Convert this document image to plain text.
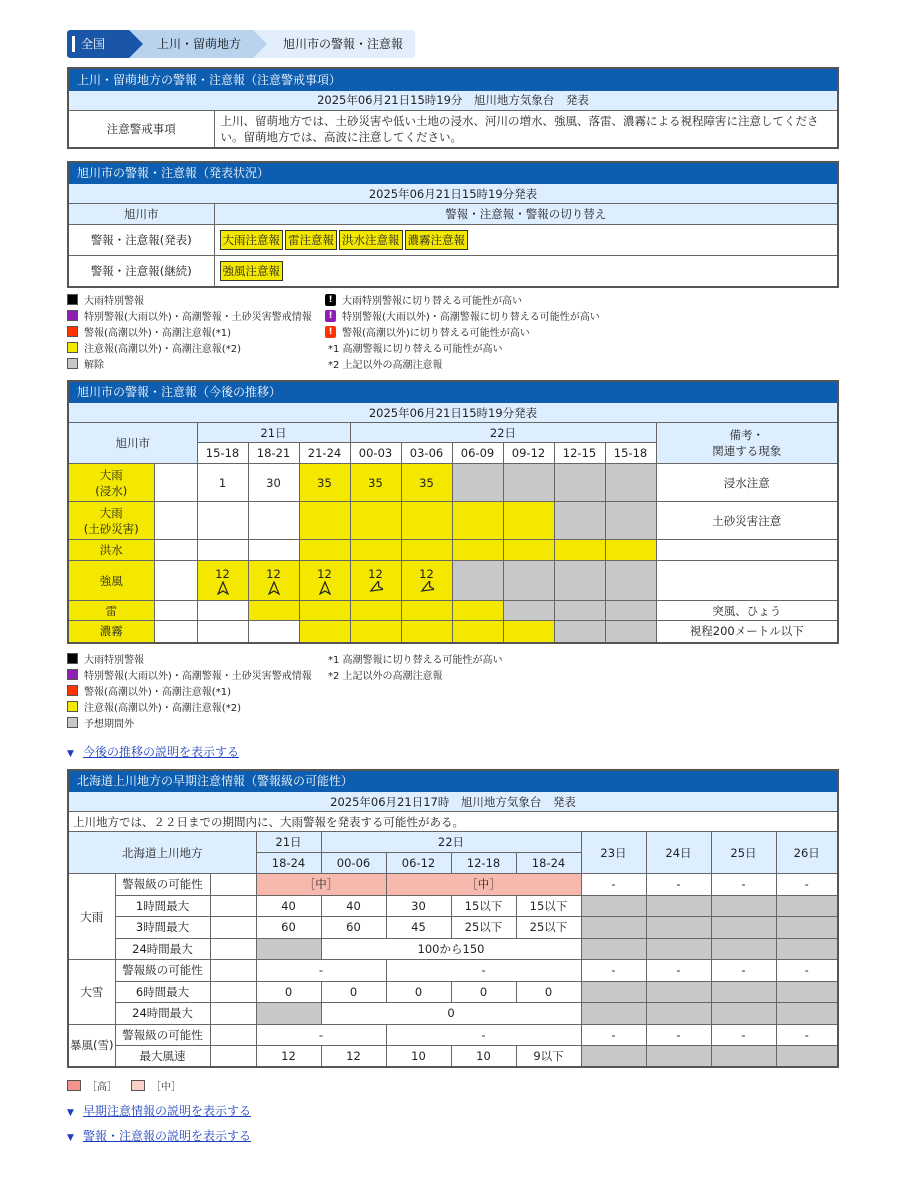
全国	上川・留萌地方	旭川市の警報・注意報
上川・留萌地方の警報・注意報（注意警戒事項）
2025年06月21日15時19分　旭川地方気象台　発表
注意警戒事項	上川、留萌地方では、土砂災害や低い土地の浸水、河川の増水、強風、落雷、濃霧による視程障害に注意してください。留萌地方では、高波に注意してください。
旭川市の警報・注意報（発表状況）	
2025年06月21日15時19分発表	
旭川市	警報・注意報・警報の切り替え
警報・注意報(発表)	大雨注意報 雷注意報 洪水注意報 濃霧注意報
警報・注意報(継続)	強風注意報
大雨特別警報
特別警報(大雨以外)・高潮警報・土砂災害警戒情報
警報(高潮以外)・高潮注意報(*1)
注意報(高潮以外)・高潮注意報(*2)
解除
! 大雨特別警報に切り替える可能性が高い
! 特別警報(大雨以外)・高潮警報に切り替える可能性が高い
! 警報(高潮以外)に切り替える可能性が高い
*1 高潮警報に切り替える可能性が高い
*2 上記以外の高潮注意報
旭川市の警報・注意報（今後の推移）											
2025年06月21日15時19分発表											
旭川市		21日			22日						備考・
関連する現象
		15-18	18-21	21-24	00-03	03-06	06-09	09-12	12-15	15-18	
大雨
(浸水)		1	30	35	35	35					浸水注意
大雨
(土砂災害)											土砂災害注意
洪水											
強風		12	12	12	12	12					

雷											突風、ひょう
濃霧											視程200メートル以下
大雨特別警報
特別警報(大雨以外)・高潮警報・土砂災害警戒情報
警報(高潮以外)・高潮注意報(*1)
注意報(高潮以外)・高潮注意報(*2)
予想期間外
*1 高潮警報に切り替える可能性が高い
*2 上記以外の高潮注意報
▼ 今後の推移の説明を表示する
北海道上川地方の早期注意情報（警報級の可能性）											
2025年06月21日17時　旭川地方気象台　発表											
上川地方では、２２日までの期間内に、大雨警報を発表する可能性がある。											
北海道上川地方			21日	22日				23日	24日	25日	26日
			18-24	00-06	06-12	12-18	18-24				
大雨	警報級の可能性		［中］		［中］			-	-	-	-
	1時間最大		40	40	30	15以下	15以下				
	3時間最大		60	60	45	25以下	25以下				
	24時間最大			100から150							
大雪	警報級の可能性		-		-			-	-	-	-
	6時間最大		0	0	0	0	0				
	24時間最大			0							
暴風(雪)	警報級の可能性		-		-			-	-	-	-
	最大風速		12	12	10	10	9以下				
［高］	［中］
▼ 早期注意情報の説明を表示する
▼ 警報・注意報の説明を表示する
